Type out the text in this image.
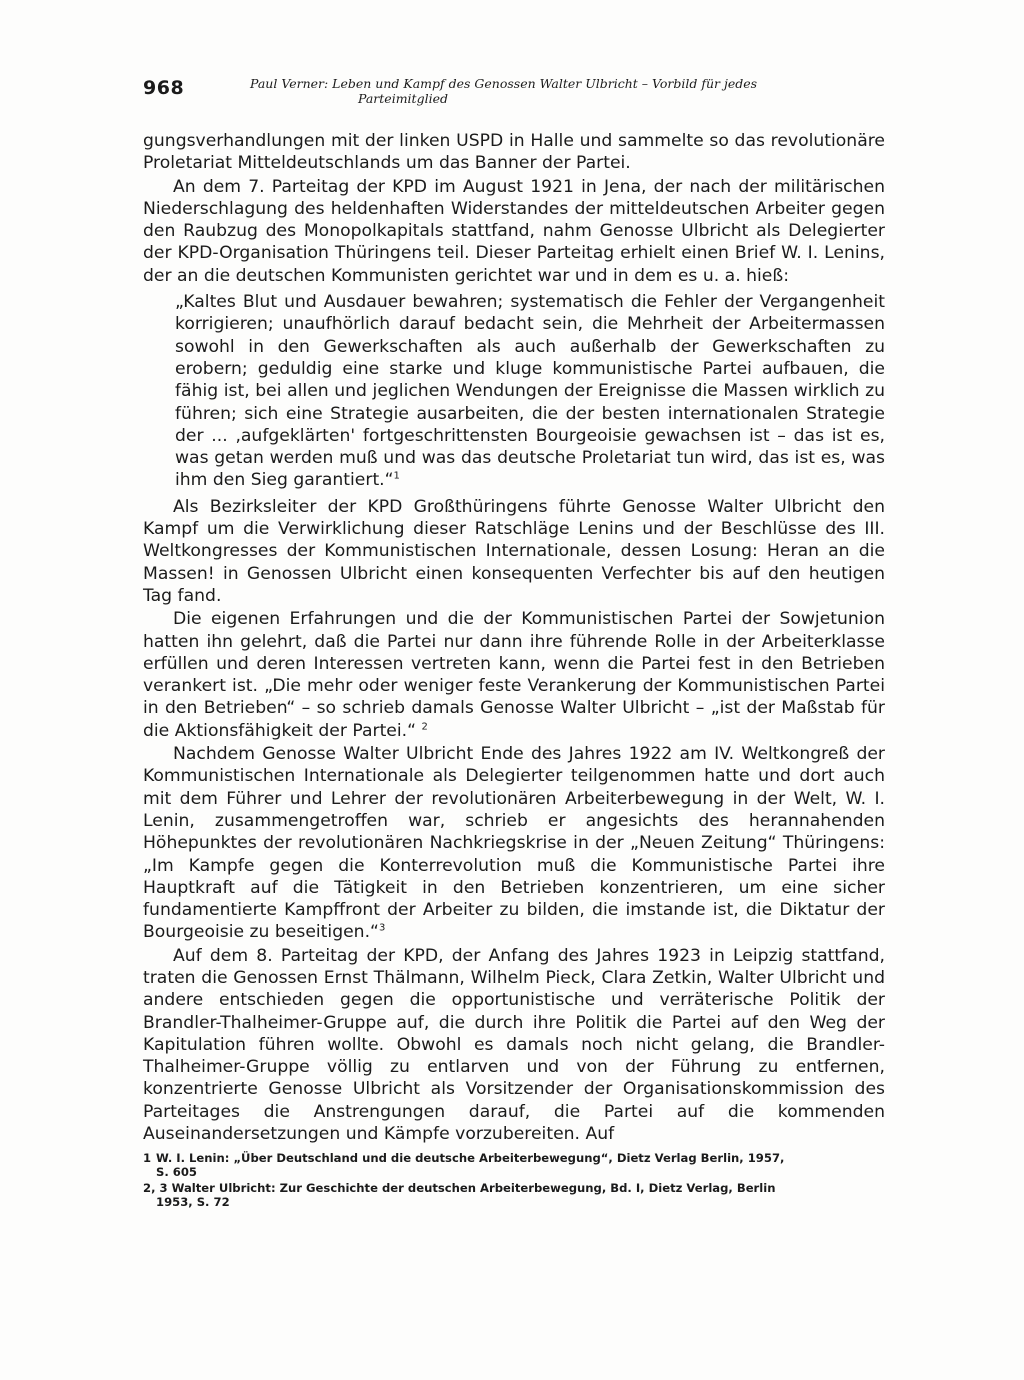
968	Paul Verner: Leben und Kampf des Genossen Walter Ulbricht – Vorbild für jedes
Parteimitglied

gungsverhandlungen mit der linken USPD in Halle und sammelte so das revolutionäre Proletariat Mitteldeutschlands um das Banner der Partei.

An dem 7. Parteitag der KPD im August 1921 in Jena, der nach der militärischen Niederschlagung des heldenhaften Widerstandes der mitteldeutschen Arbeiter gegen den Raubzug des Monopolkapitals stattfand, nahm Genosse Ulbricht als Delegierter der KPD-Organisation Thüringens teil. Dieser Parteitag erhielt einen Brief W. I. Lenins, der an die deutschen Kommunisten gerichtet war und in dem es u. a. hieß:

„Kaltes Blut und Ausdauer bewahren; systematisch die Fehler der Vergangenheit korrigieren; unaufhörlich darauf bedacht sein, die Mehrheit der Arbeitermassen sowohl in den Gewerkschaften als auch außerhalb der Gewerkschaften zu erobern; geduldig eine starke und kluge kommunistische Partei aufbauen, die fähig ist, bei allen und jeglichen Wendungen der Ereignisse die Massen wirklich zu führen; sich eine Strategie ausarbeiten, die der besten internationalen Strategie der ... ‚aufgeklärten' fortgeschrittensten Bourgeoisie gewachsen ist – das ist es, was getan werden muß und was das deutsche Proletariat tun wird, das ist es, was ihm den Sieg garantiert.“$^1$

Als Bezirksleiter der KPD Großthüringens führte Genosse Walter Ulbricht den Kampf um die Verwirklichung dieser Ratschläge Lenins und der Beschlüsse des III. Weltkongresses der Kommunistischen Internationale, dessen Losung: Heran an die Massen! in Genossen Ulbricht einen konsequenten Verfechter bis auf den heutigen Tag fand.

Die eigenen Erfahrungen und die der Kommunistischen Partei der Sowjetunion hatten ihn gelehrt, daß die Partei nur dann ihre führende Rolle in der Arbeiterklasse erfüllen und deren Interessen vertreten kann, wenn die Partei fest in den Betrieben verankert ist. „Die mehr oder weniger feste Verankerung der Kommunistischen Partei in den Betrieben“ – so schrieb damals Genosse Walter Ulbricht – „ist der Maßstab für die Aktionsfähigkeit der Partei.“ $^2$

Nachdem Genosse Walter Ulbricht Ende des Jahres 1922 am IV. Weltkongreß der Kommunistischen Internationale als Delegierter teilgenommen hatte und dort auch mit dem Führer und Lehrer der revolutionären Arbeiterbewegung in der Welt, W. I. Lenin, zusammengetroffen war, schrieb er angesichts des herannahenden Höhepunktes der revolutionären Nachkriegskrise in der „Neuen Zeitung“ Thüringens: „Im Kampfe gegen die Konterrevolution muß die Kommunistische Partei ihre Hauptkraft auf die Tätigkeit in den Betrieben konzentrieren, um eine sicher fundamentierte Kampffront der Arbeiter zu bilden, die imstande ist, die Diktatur der Bourgeoisie zu beseitigen.“$^3$

Auf dem 8. Parteitag der KPD, der Anfang des Jahres 1923 in Leipzig stattfand, traten die Genossen Ernst Thälmann, Wilhelm Pieck, Clara Zetkin, Walter Ulbricht und andere entschieden gegen die opportunistische und verräterische Politik der Brandler-Thalheimer-Gruppe auf, die durch ihre Politik die Partei auf den Weg der Kapitulation führen wollte. Obwohl es damals noch nicht gelang, die Brandler-Thalheimer-Gruppe völlig zu entlarven und von der Führung zu entfernen, konzentrierte Genosse Ulbricht als Vorsitzender der Organisationskommission des Parteitages die Anstrengungen darauf, die Partei auf die kommenden Auseinandersetzungen und Kämpfe vorzubereiten. Auf

1 W. I. Lenin: „Über Deutschland und die deutsche Arbeiterbewegung“, Dietz Verlag Berlin, 1957,
S. 605
2, 3 Walter Ulbricht: Zur Geschichte der deutschen Arbeiterbewegung, Bd. I, Dietz Verlag, Berlin
1953, S. 72
